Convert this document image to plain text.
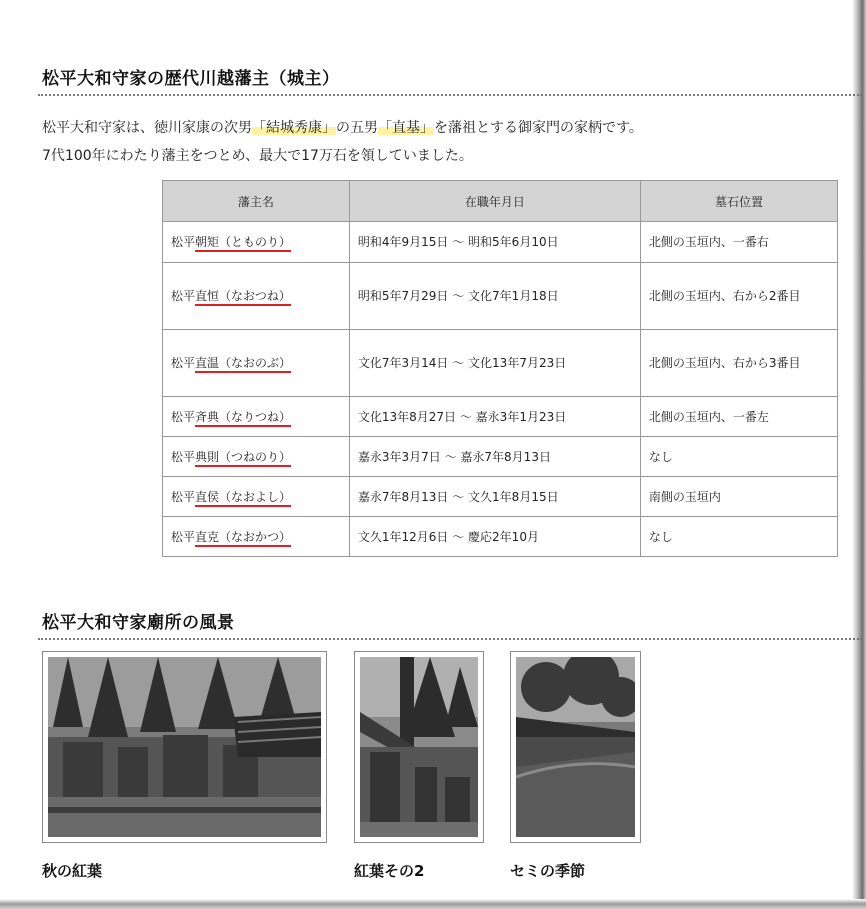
松平大和守家の歴代川越藩主（城主）
松平大和守家は、徳川家康の次男「結城秀康」の五男「直基」を藩祖とする御家門の家柄です。
7代100年にわたり藩主をつとめ、最大で17万石を領していました。
藩主名	在職年月日	墓石位置
松平朝矩（とものり）	明和4年9月15日 ～ 明和5年6月10日	北側の玉垣内、一番右
松平直恒（なおつね）	明和5年7月29日 ～ 文化7年1月18日	北側の玉垣内、右から2番目
松平直温（なおのぶ）	文化7年3月14日 ～ 文化13年7月23日	北側の玉垣内、右から3番目
松平斉典（なりつね）	文化13年8月27日 ～ 嘉永3年1月23日	北側の玉垣内、一番左
松平典則（つねのり）	嘉永3年3月7日 ～ 嘉永7年8月13日	なし
松平直侯（なおよし）	嘉永7年8月13日 ～ 文久1年8月15日	南側の玉垣内
松平直克（なおかつ）	文久1年12月6日 ～ 慶応2年10月	なし
松平大和守家廟所の風景
秋の紅葉	紅葉その2	セミの季節
